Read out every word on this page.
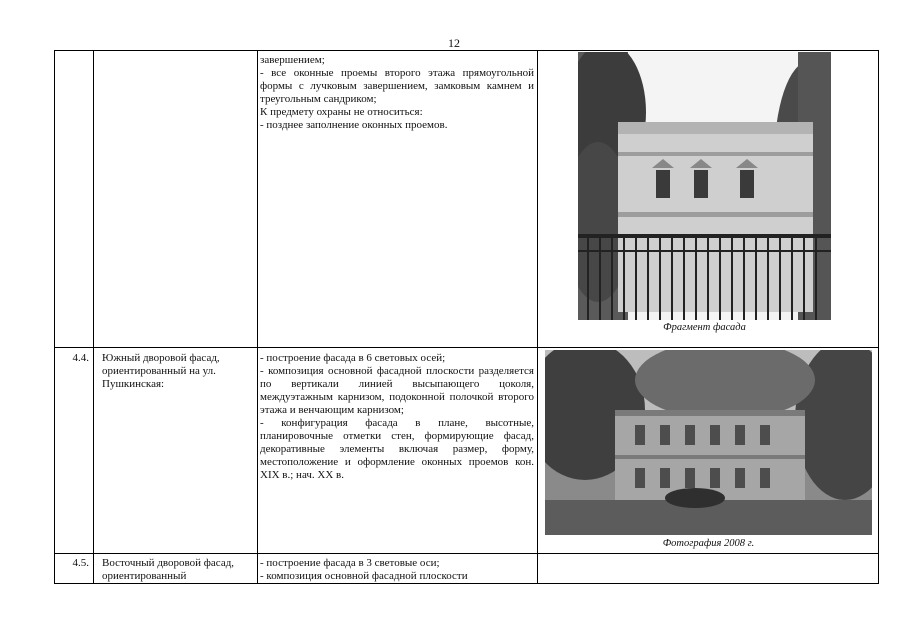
12

завершением;

- все оконные проемы второго этажа прямоугольной формы с лучковым завершением, замковым камнем и треугольным сандриком;

К предмету охраны не относиться:

- позднее заполнение оконных проемов.

Фрагмент фасада
4.4. Южный дворовой фасад, ориентированный на ул. Пушкинская:

- построение фасада в 6 световых осей;

- композиция основной фасадной плоскости разделяется по вертикали линией высыпающего цоколя, междуэтажным карнизом, подоконной полочкой второго этажа и венчающим карнизом;

- конфигурация фасада в плане, высотные, планировочные отметки стен, формирующие фасад, декоративные элементы включая размер, форму, местоположение и оформление оконных проемов кон. XIX в.; нач. XX в.

Фотография 2008 г.
4.5. Восточный дворовой фасад, ориентированный

- построение фасада в 3 световые оси;

- композиция основной фасадной плоскости
